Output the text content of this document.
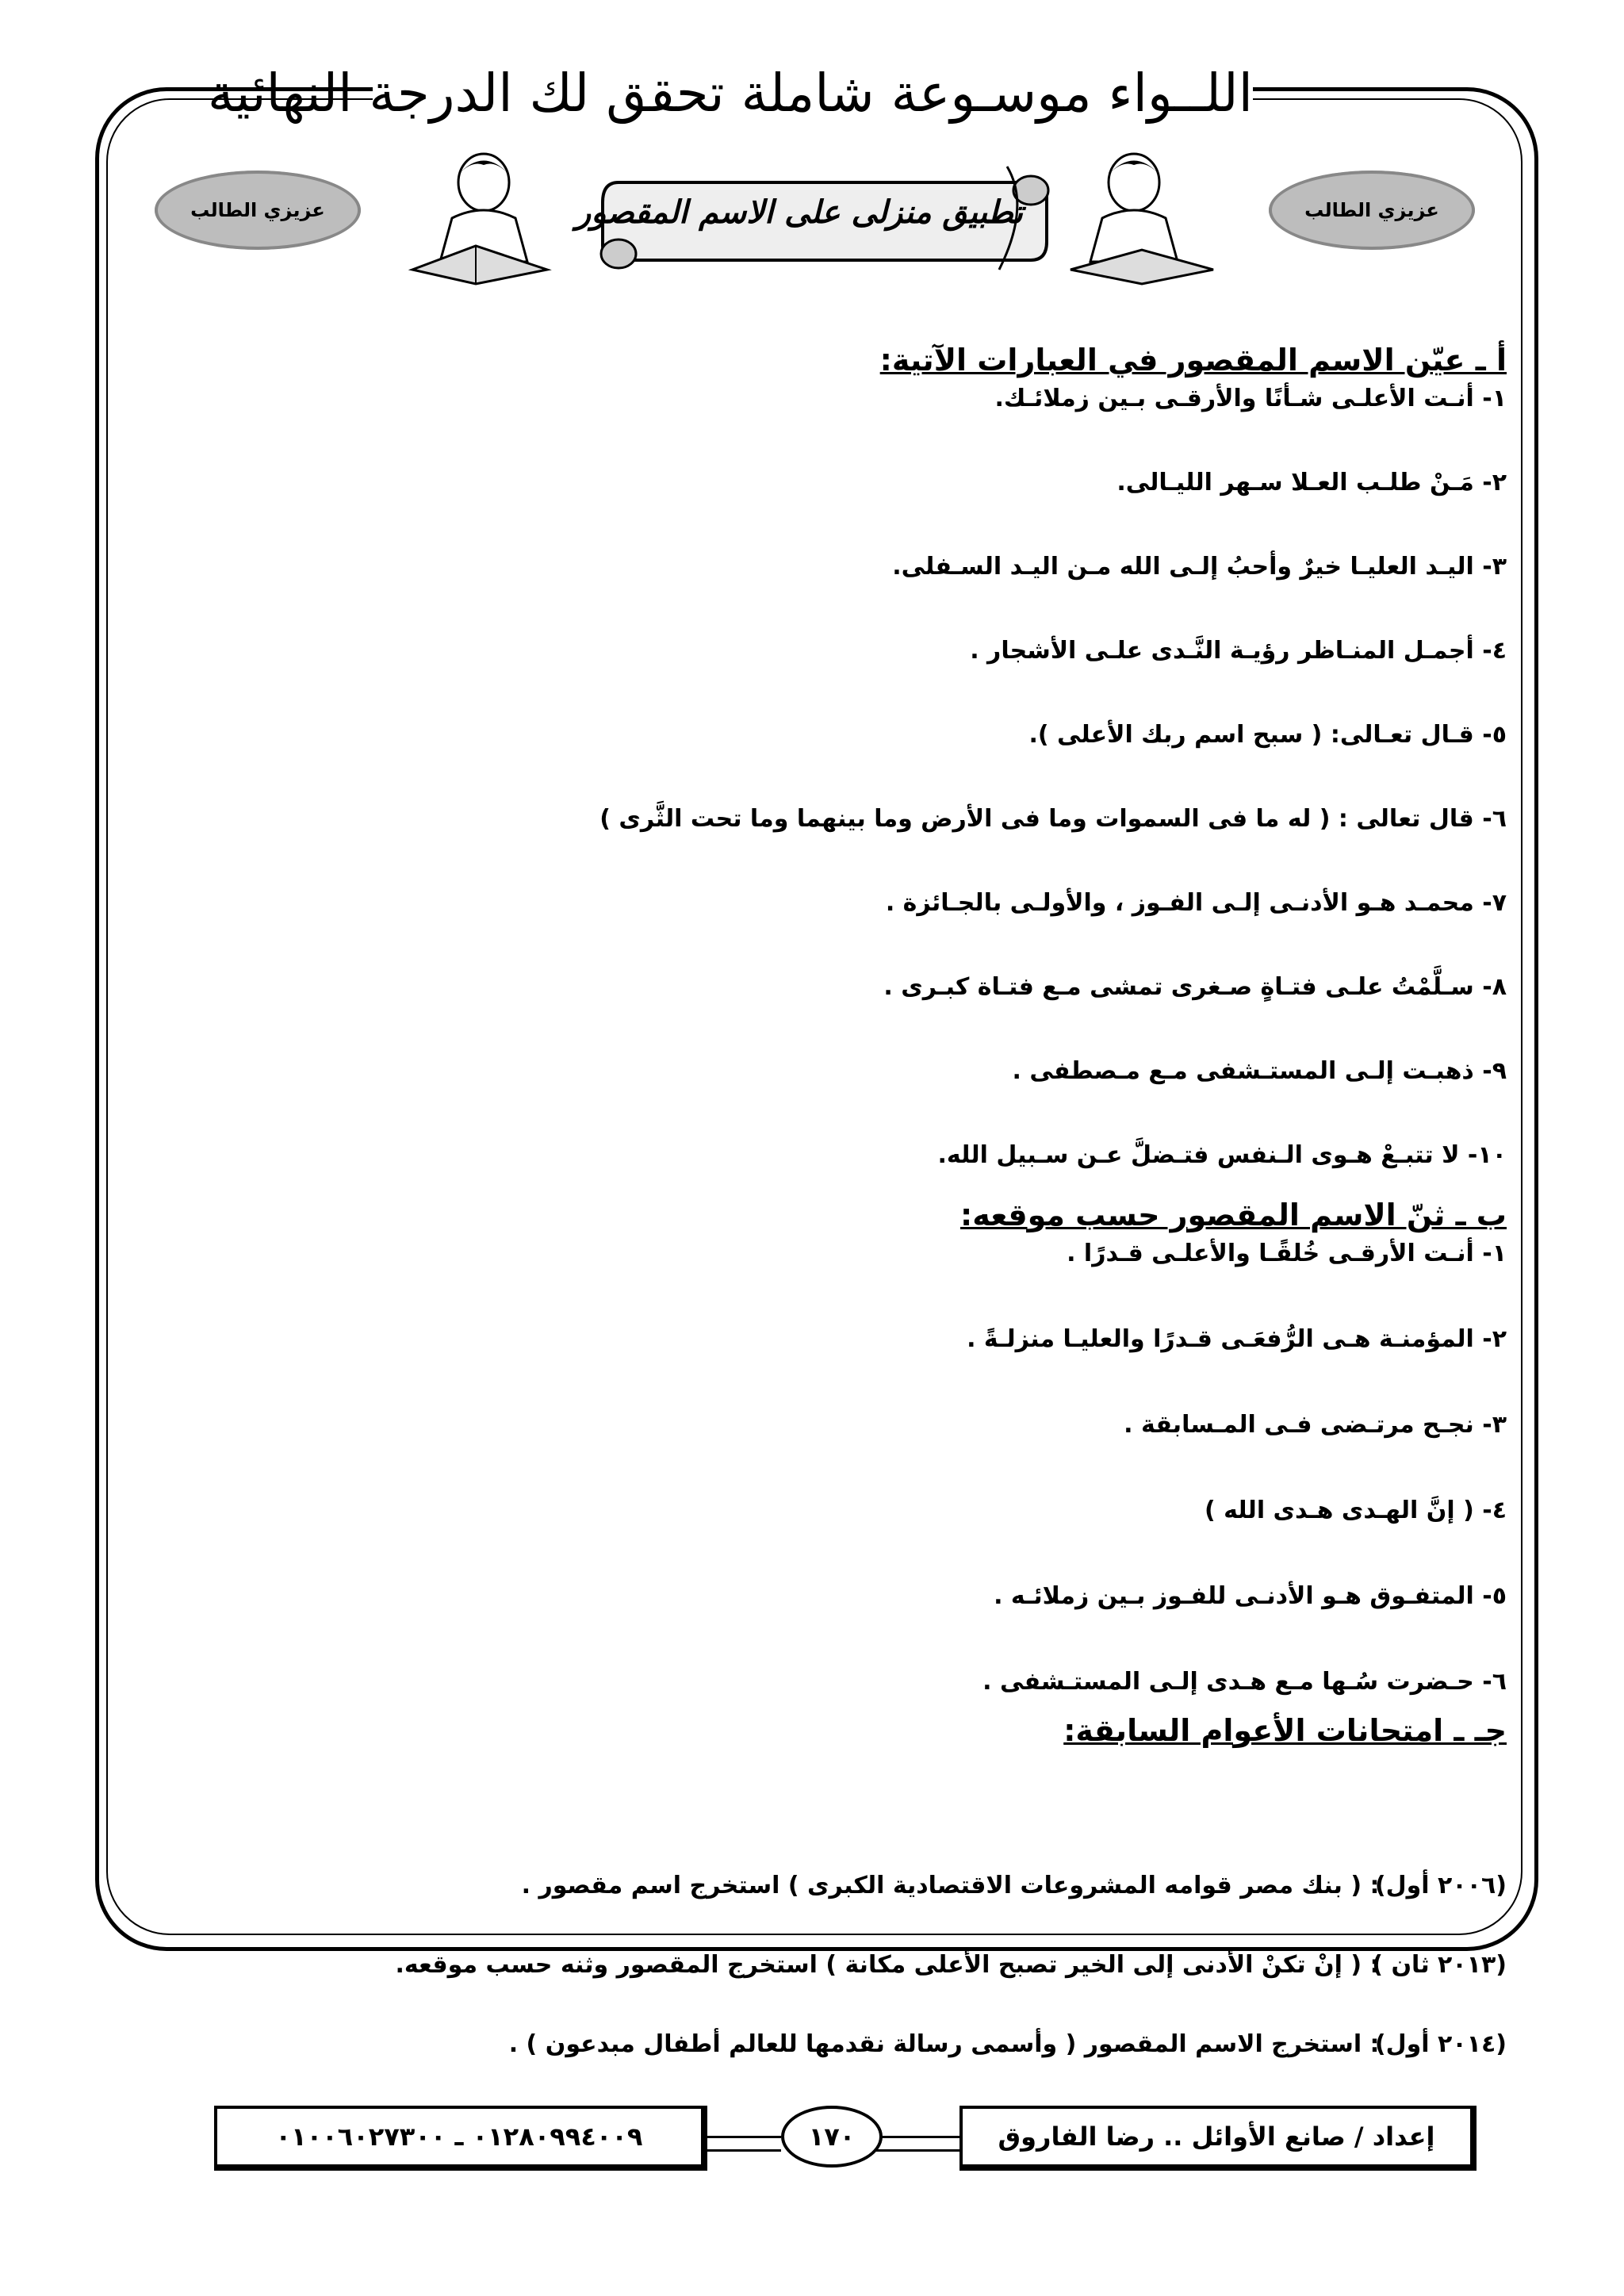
اللــواء موسـوعة شاملة تحقق لك الدرجة النهائية
عزيزي الطالب	عزيزي الطالب
تطبيق منزلى على الاسم المقصور
أ ـ عيّن الاسم المقصور في العبارات الآتية:
١- أنـت الأعلـى شـأنًا والأرقـى بـين زملائـك.
٢- مَـنْ طلـب العـلا سـهر الليـالى.
٣- اليـد العليـا خيرٌ وأحبُ إلـى الله مـن اليـد السـفلى.
٤- أجمـل المنـاظر رؤيـة النَّـدى علـى الأشجار .
٥- قـال تعـالى: ( سبح اسم ربك الأعلى ).
٦- قال تعالى : ( له ما فى السموات وما فى الأرض وما بينهما وما تحت الثَّرى )
٧- محمـد هـو الأدنـى إلـى الفـوز ، والأولـى بالجـائزة .
٨- سـلَّمْتُ علـى فتـاةٍ صـغرى تمشى مـع فتـاة كبـرى .
٩- ذهبـت إلـى المستـشفى مـع مـصطفى .
١٠- لا تتبـعْ هـوى الـنفس فتـضلَّ عـن سـبيل الله.
ب ـ ثنّ الاسم المقصور حسب موقعه:
١- أنـت الأرقـى خُلقًـا والأعلـى قـدرًا .
٢- المؤمنـة هـى الرُّفعَـى قـدرًا والعليـا منزلـةً .
٣- نجـح مرتـضى فـى المـسابقة .
٤- ( إنَّ الهـدى هـدى الله )
٥- المتفـوق هـو الأدنـى للفـوز بـين زملائـه .
٦- حـضرت سُـها مـع هـدى إلـى المستـشفى .
جـ ـ امتحانات الأعوام السابقة:
(٢٠٠٦ أول) : ( بنك مصر قوامه المشروعات الاقتصادية الكبرى ) استخرج اسم مقصور .
(٢٠١٣ ثان ) : ( إنْ تكنْ الأدنى إلى الخير تصبح الأعلى مكانة ) استخرج المقصور وثنه حسب موقعه.
(٢٠١٤ أول) : استخرج الاسم المقصور ( وأسمى رسالة نقدمها للعالم أطفال مبدعون ) .
٠١٢٨٠٩٩٤٠٠٩ ـ ٠١٠٠٦٠٢٧٣٠٠	١٧٠	إعداد / صانع الأوائل .. رضا الفاروق
